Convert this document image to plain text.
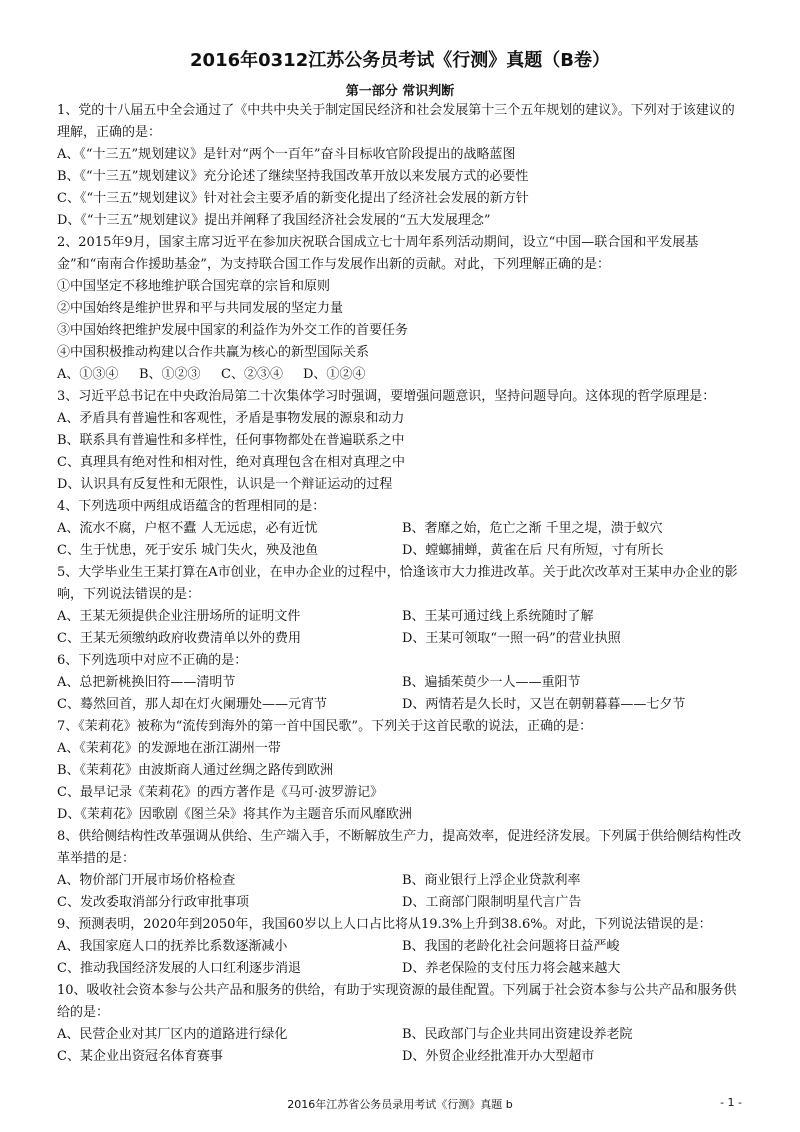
2016年0312江苏公务员考试《行测》真题（B卷）
第一部分 常识判断
1、党的十八届五中全会通过了《中共中央关于制定国民经济和社会发展第十三个五年规划的建议》。下列对于该建议的理解，正确的是：
A、《“十三五”规划建议》是针对“两个一百年”奋斗目标收官阶段提出的战略蓝图
B、《“十三五”规划建议》充分论述了继续坚持我国改革开放以来发展方式的必要性
C、《“十三五”规划建议》针对社会主要矛盾的新变化提出了经济社会发展的新方针
D、《“十三五”规划建议》提出并阐释了我国经济社会发展的“五大发展理念”
2、2015年9月，国家主席习近平在参加庆祝联合国成立七十周年系列活动期间，设立“中国—联合国和平发展基金”和“南南合作援助基金”，为支持联合国工作与发展作出新的贡献。对此，下列理解正确的是：
①中国坚定不移地维护联合国宪章的宗旨和原则
②中国始终是维护世界和平与共同发展的坚定力量
③中国始终把维护发展中国家的利益作为外交工作的首要任务
④中国积极推动构建以合作共赢为核心的新型国际关系
A、①③④	B、①②③	C、②③④	D、①②④
3、习近平总书记在中央政治局第二十次集体学习时强调，要增强问题意识，坚持问题导向。这体现的哲学原理是：
A、矛盾具有普遍性和客观性，矛盾是事物发展的源泉和动力
B、联系具有普遍性和多样性，任何事物都处在普遍联系之中
C、真理具有绝对性和相对性，绝对真理包含在相对真理之中
D、认识具有反复性和无限性，认识是一个辩证运动的过程
4、下列选项中两组成语蕴含的哲理相同的是：
A、流水不腐，户枢不蠹 人无远虑，必有近忧	B、奢靡之始，危亡之渐 千里之堤，溃于蚁穴
C、生于忧患，死于安乐 城门失火，殃及池鱼	D、螳螂捕蝉，黄雀在后 尺有所短，寸有所长
5、大学毕业生王某打算在A市创业，在申办企业的过程中，恰逢该市大力推进改革。关于此次改革对王某申办企业的影响，下列说法错误的是：
A、王某无须提供企业注册场所的证明文件	B、王某可通过线上系统随时了解
C、王某无须缴纳政府收费清单以外的费用	D、王某可领取“一照一码”的营业执照
6、下列选项中对应不正确的是：
A、总把新桃换旧符——清明节	B、遍插茱萸少一人——重阳节
C、蓦然回首，那人却在灯火阑珊处——元宵节	D、两情若是久长时，又岂在朝朝暮暮——七夕节
7、《茉莉花》被称为“流传到海外的第一首中国民歌”。下列关于这首民歌的说法，正确的是：
A、《茉莉花》的发源地在浙江湖州一带
B、《茉莉花》由波斯商人通过丝绸之路传到欧洲
C、最早记录《茉莉花》的西方著作是《马可·波罗游记》
D、《茉莉花》因歌剧《图兰朵》将其作为主题音乐而风靡欧洲
8、供给侧结构性改革强调从供给、生产端入手，不断解放生产力，提高效率，促进经济发展。下列属于供给侧结构性改革举措的是：
A、物价部门开展市场价格检查	B、商业银行上浮企业贷款利率
C、发改委取消部分行政审批事项	D、工商部门限制明星代言广告
9、预测表明，2020年到2050年，我国60岁以上人口占比将从19.3%上升到38.6%。对此，下列说法错误的是：
A、我国家庭人口的抚养比系数逐渐减小	B、我国的老龄化社会问题将日益严峻
C、推动我国经济发展的人口红利逐步消退	D、养老保险的支付压力将会越来越大
10、吸收社会资本参与公共产品和服务的供给，有助于实现资源的最佳配置。下列属于社会资本参与公共产品和服务供给的是：
A、民营企业对其厂区内的道路进行绿化	B、民政部门与企业共同出资建设养老院
C、某企业出资冠名体育赛事	D、外贸企业经批准开办大型超市
2016年江苏省公务员录用考试《行测》真题 b	- 1 -
